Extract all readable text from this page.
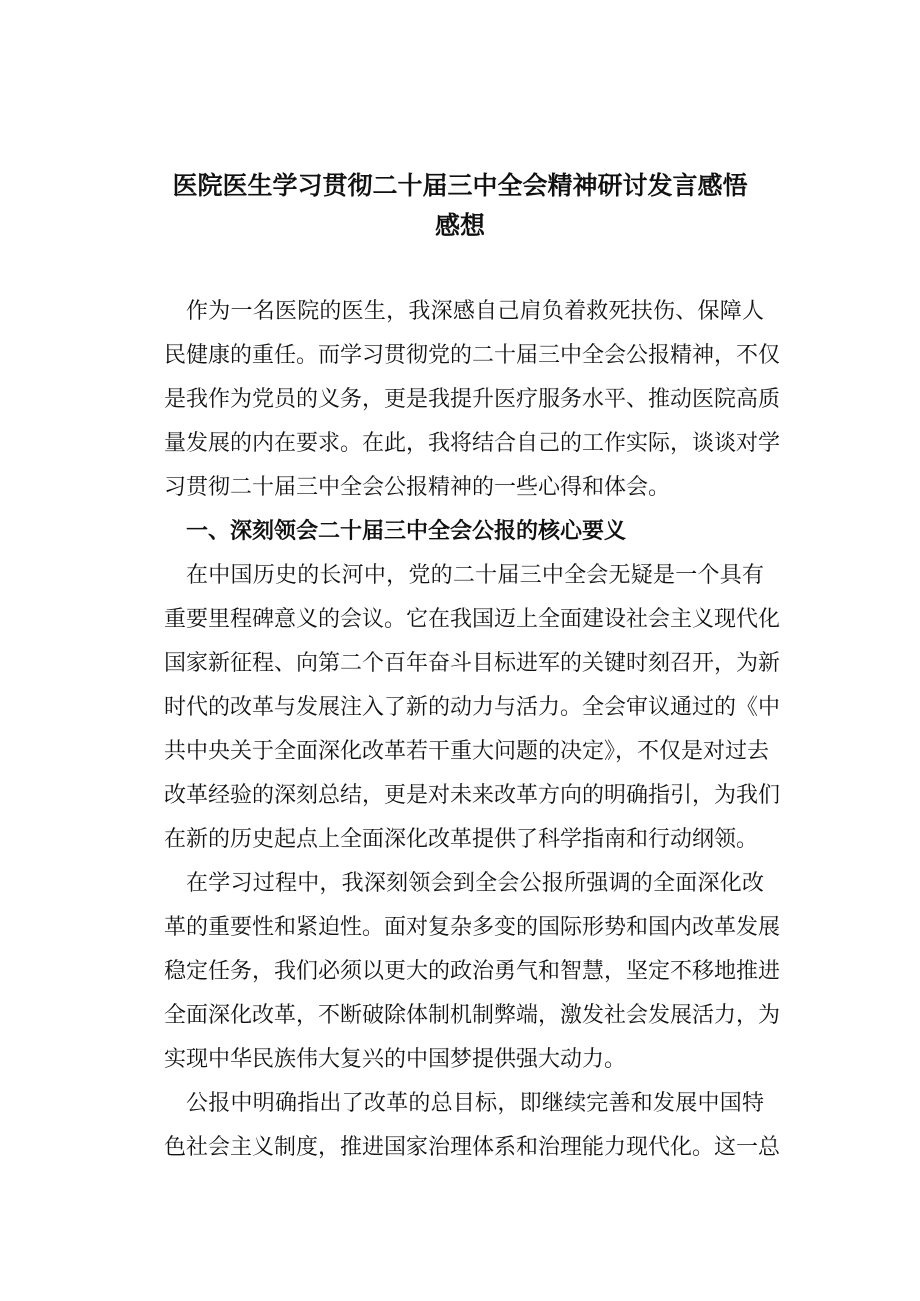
医院医生学习贯彻二十届三中全会精神研讨发言感悟
感想
作为一名医院的医生，我深感自己肩负着救死扶伤、保障人
民健康的重任。而学习贯彻党的二十届三中全会公报精神，不仅
是我作为党员的义务，更是我提升医疗服务水平、推动医院高质
量发展的内在要求。在此，我将结合自己的工作实际，谈谈对学
习贯彻二十届三中全会公报精神的一些心得和体会。
一、深刻领会二十届三中全会公报的核心要义
在中国历史的长河中，党的二十届三中全会无疑是一个具有
重要里程碑意义的会议。它在我国迈上全面建设社会主义现代化
国家新征程、向第二个百年奋斗目标进军的关键时刻召开，为新
时代的改革与发展注入了新的动力与活力。全会审议通过的《中
共中央关于全面深化改革若干重大问题的决定》，不仅是对过去
改革经验的深刻总结，更是对未来改革方向的明确指引，为我们
在新的历史起点上全面深化改革提供了科学指南和行动纲领。
在学习过程中，我深刻领会到全会公报所强调的全面深化改
革的重要性和紧迫性。面对复杂多变的国际形势和国内改革发展
稳定任务，我们必须以更大的政治勇气和智慧，坚定不移地推进
全面深化改革，不断破除体制机制弊端，激发社会发展活力，为
实现中华民族伟大复兴的中国梦提供强大动力。
公报中明确指出了改革的总目标，即继续完善和发展中国特
色社会主义制度，推进国家治理体系和治理能力现代化。这一总
